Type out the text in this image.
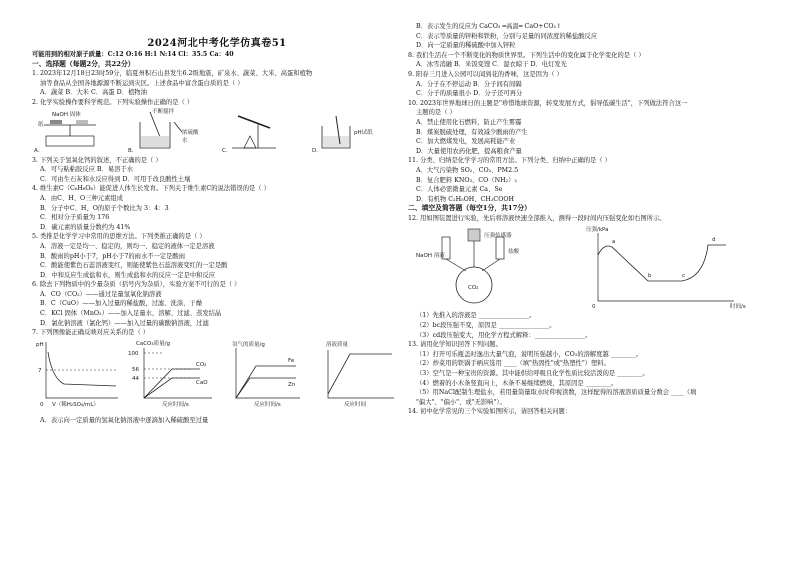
2024河北中考化学仿真卷51
可能用到的相对原子质量：C:12 O:16 H:1 N:14 Cl：35.5 Ca：40
一、选择题（每题2分，共22分）
1. 2023年12月18日23时59分，临夏州积石山县发生6.2级地震，矿泉水、蔬菜、大米、高蛋和植物
油等食品从全国各地源源不断运到灾区。上述食品中富含蛋白质的是（ ）
A．蔬菜 B．大米 C．高蛋 D．植物油
2. 化学实验操作要科学规范。下列实验操作正确的是（ ）
NaOH 固体
纸
A．
不断搅拌
浓硫酸
水
B．	C．
pH试纸
D．
3. 下列关于氢氧化钙的叙述，不正确的是（ ）
A．可与粘粘胶反应 B．易溶于水
C．可由生石灰和水反应得到 D．可用于改良酸性土壤
4. 维生素C（C₆H₈O₆）能促进人体生长发育。下列关于维生素C的说法错误的是（ ）
A．由C、H、O三种元素组成
B．分子中C、H、O的原子个数比为 3：4：3
C．相对分子质量为 176
D．碳元素的质量分数约为 41%
5. 类推是化学学习中常用的思维方法。下列类推正确的是（ ）
A．溶液一定是均一、稳定的，则均一、稳定的液体一定是溶液
B．酸雨的pH小于7，pH小于7的雨水不一定是酸雨
C．酸能使紫色石蕊溶液变红，则能使紫色石蕊溶液变红的一定是酸
D．中和反应生成盐和水，则生成盐和水的反应一定是中和反应
6. 除去下列物质中的少量杂质（括号内为杂质），实验方案不可行的是（ ）
A．CO（CO₂）——通过足量氢氧化钠溶液
B．C（CuO）——加入过量的稀盐酸，过滤、洗涤、干燥
C．KCl 固体（MnO₂）——加入足量水，溶解、过滤、蒸发结晶
D．氯化钠溶液（氯化钙）——加入过量的碳酸钠溶液，过滤
7. 下列图像能正确反映对应关系的是（ ）
pH
7
0 V（稀H₂SO₄/mL）
CaCO₃质量/g
100
56
44
CO₂
CaO
反应时间/s
氢气的质量/g
Fe
Zn
反应时间/s
溶液质量
反应时间
A．表示向一定质量的氢氧化钠溶液中逐滴加入稀硫酸至过量
B．表示发生的反应为 CaCO₃ ═高温═ CaO+CO₂↑
C．表示等质量的锌粉和铁粉，分别与足量的同浓度的稀盐酸反应
D．向一定质量的稀硫酸中加入锌粒
8. 我们生活在一个不断变化的物质世界里。下列生活中的变化属于化学变化的是（ ）
A．冰雪消融 B．米饭变馊 C．湿衣晾干 D．电灯发光
9. 阳春三月进入公园可以闻到花的香味，这是因为（ ）
A．分子在不停运动 B．分子间有间隔
C．分子的质量很小 D．分子还可再分
10. 2023年世界地球日的主题是"珍惜地球资源，转变发展方式，倡导低碳生活"，下列做法符合这一
主题的是（ ）
A．禁止使用化石燃料，防止产生雾霾
B．煤炭脱硫处理，有效减少酸雨的产生
C．加大燃煤发电，发展高耗能产业
D．大量使用农药化肥，提高粮食产量
11. 分类、归纳是化学学习的常用方法。下列分类、归纳中正确的是（ ）
A．大气污染物 SO₂、CO₂、PM2.5
B．复合肥料 KNO₃、CO（NH₂）₂
C．人体必需微量元素 Ca、Se
D．有机物 C₂H₅OH、CH₃COOH
二、填空及简答题（每空1分，共17分）
12. 用如图装置进行实验，先后将溶液快速全部推入，测得一段时间内压强变化如右图所示。
NaOH 溶液
压强传感器
盐酸
CO₂
压强/kPa
a
b	c
d
0	时间/s
（1）先推入的溶液是 ________________。
（2）bc段压强不变，原因是 ________________。
（3）cd段压强变大，用化学方程式解释：________________。
13. 请用化学知识回答下列问题。
（1）打开可乐瓶盖时逸出大量气泡，说明压强越小，CO₂的溶解度越 ________。
（2）炒菜用的铁锅手柄应选用 ____（填"热固性"或"热塑性"）塑料。
（3）空气是一种宝贵的资源。其中能供给呼吸且化学性质比较活泼的是 ________。
（4）燃着的小木条竖直向上，木条不易继续燃烧，其原因是 ________。
（5）用NaCl配制生理盐水，若用量筒量取水时仰视读数，这样配得的溶液溶质质量分数会 ____（填
"偏大"、"偏小"、或"无影响"）。
14. 初中化学常见的三个实验如图所示，请回答相关问题：
